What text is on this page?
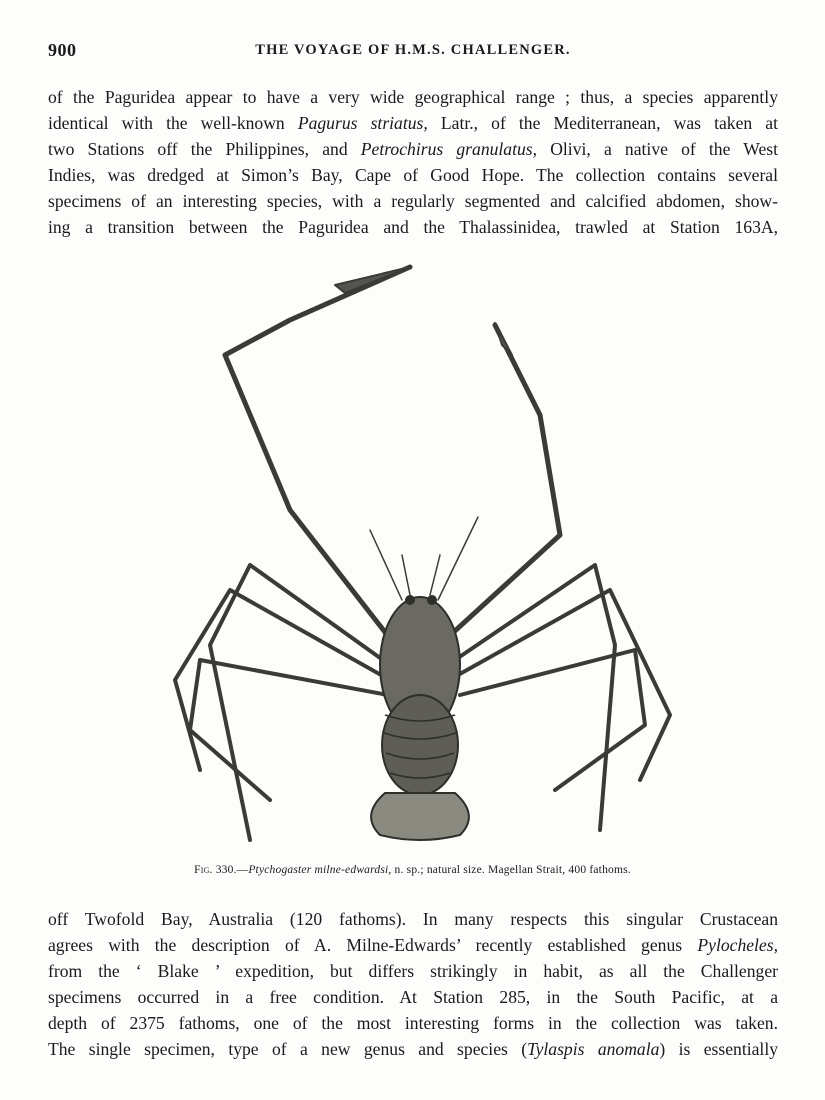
900	THE VOYAGE OF H.M.S. CHALLENGER.
of the Paguridea appear to have a very wide geographical range ; thus, a species apparently
identical with the well-known Pagurus striatus, Latr., of the Mediterranean, was taken at
two Stations off the Philippines, and Petrochirus granulatus, Olivi, a native of the West
Indies, was dredged at Simon’s Bay, Cape of Good Hope. The collection contains several
specimens of an interesting species, with a regularly segmented and calcified abdomen, show-
ing a transition between the Paguridea and the Thalassinidea, trawled at Station 163A,
Fig. 330.—Ptychogaster milne-edwardsi, n. sp.; natural size. Magellan Strait, 400 fathoms.
off Twofold Bay, Australia (120 fathoms). In many respects this singular Crustacean
agrees with the description of A. Milne-Edwards’ recently established genus Pylocheles,
from the ‘ Blake ’ expedition, but differs strikingly in habit, as all the Challenger
specimens occurred in a free condition. At Station 285, in the South Pacific, at a
depth of 2375 fathoms, one of the most interesting forms in the collection was taken.
The single specimen, type of a new genus and species (Tylaspis anomala) is essentially
